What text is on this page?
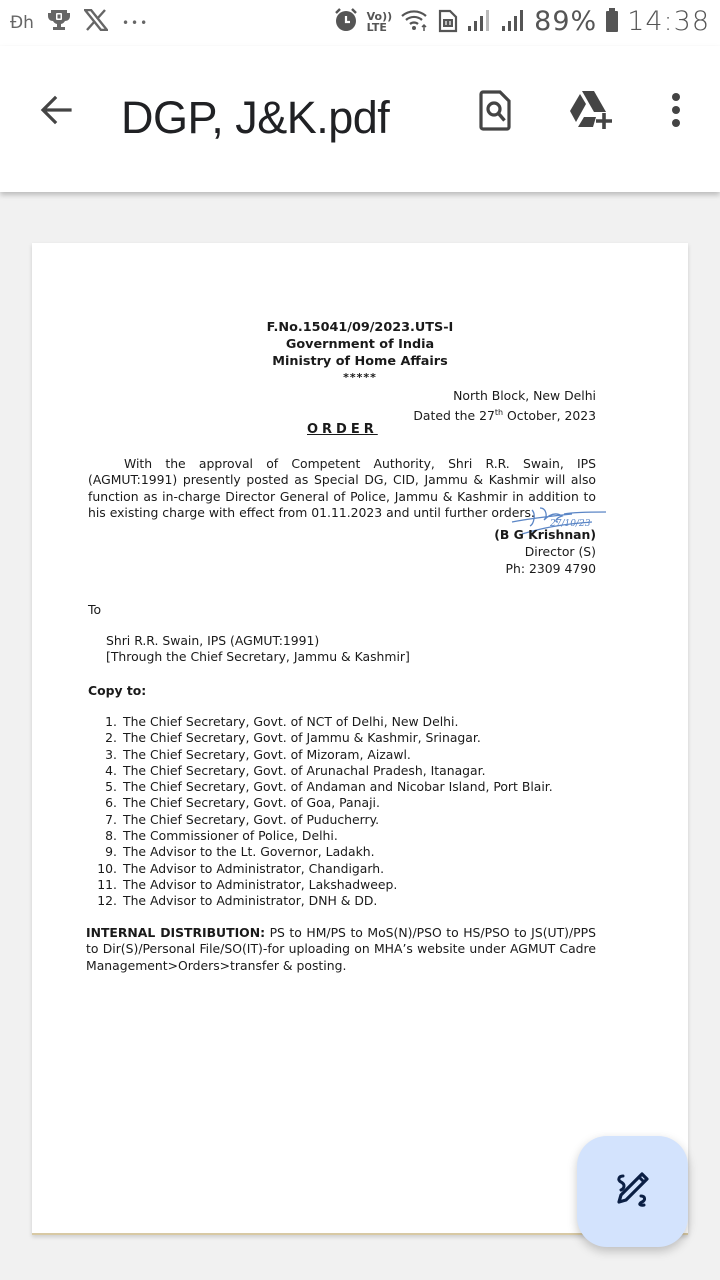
Ɖh	•••	Vo))
LTE	89% 14:38
DGP, J&K.pdf
F.No.15041/09/2023.UTS-I
Government of India
Ministry of Home Affairs
*****
North Block, New Delhi
Dated the 27th October, 2023
ORDER
With the approval of Competent Authority, Shri R.R. Swain, IPS (AGMUT:1991) presently posted as Special DG, CID, Jammu & Kashmir will also function as in-charge Director General of Police, Jammu & Kashmir in addition to his existing charge with effect from 01.11.2023 and until further orders.
27/10/23
(B G Krishnan)
Director (S)
Ph: 2309 4790
To
Shri R.R. Swain, IPS (AGMUT:1991)
[Through the Chief Secretary, Jammu & Kashmir]
Copy to:
1. The Chief Secretary, Govt. of NCT of Delhi, New Delhi.
2. The Chief Secretary, Govt. of Jammu & Kashmir, Srinagar.
3. The Chief Secretary, Govt. of Mizoram, Aizawl.
4. The Chief Secretary, Govt. of Arunachal Pradesh, Itanagar.
5. The Chief Secretary, Govt. of Andaman and Nicobar Island, Port Blair.
6. The Chief Secretary, Govt. of Goa, Panaji.
7. The Chief Secretary, Govt. of Puducherry.
8. The Commissioner of Police, Delhi.
9. The Advisor to the Lt. Governor, Ladakh.
10. The Advisor to Administrator, Chandigarh.
11. The Advisor to Administrator, Lakshadweep.
12. The Advisor to Administrator, DNH & DD.
INTERNAL DISTRIBUTION: PS to HM/PS to MoS(N)/PSO to HS/PSO to JS(UT)/PPS to Dir(S)/Personal File/SO(IT)-for uploading on MHA’s website under AGMUT Cadre Management>Orders>transfer & posting.
